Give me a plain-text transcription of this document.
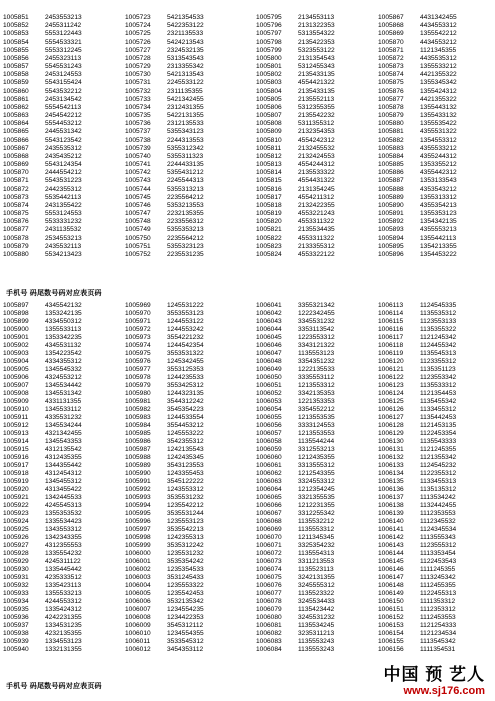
1005851 2453553213
1005852 2455311242
1005853 5553122443
1005854 5554533321
1005855 5553312245
1005856 2455323113
1005857 5545531243
1005858 2453124553
1005859 5543155424
1005860 5543532212
1005861 2453134542
1005862 5554542113
1005863 2454542212
1005864 5554453212
1005865 2445531342
1005866 5543123542
1005867 2435535312
1005868 2435435212
1005869 5543124354
1005870 2444554212
1005871 5543531223
1005872 2442355312
1005873 5535442113
1005874 2431355422
1005875 5553124553
1005876 5533331232
1005877 2431135532
1005878 2534553213
1005879 2435532113
1005880 5534213423
1005723 5421354533
1005724 5422353122
1005725 2321135533
1005726 5424213543
1005727 2324532135
1005728 5313543543
1005729 2313355342
1005730 5421313543
1005731 2245533122
1005732 2311135355
1005733 5421342455
1005734 2312431355
1005735 5422131355
1005736 2312135533
1005737 5355343123
1005738 2244313553
1005739 5355312342
1005740 5355311323
1005741 2244433135
1005742 5355431212
1005743 2245544313
1005744 5355313213
1005745 2235564212
1005746 5353213553
1005747 2232135355
1005748 2233556312
1005749 5355353213
1005750 2235564212
1005751 5355323123
1005752 2235531235
1005795 2134553113
1005796 2131322353
1005797 5313554322
1005798 2135422353
1005799 5323553122
1005800 2131354543
1005801 5312455343
1005802 2135433135
1005803 4554421322
1005804 2135433135
1005805 2135552113
1005806 5312355355
1005807 2135542232
1005808 5311355312
1005809 2132354353
1005810 4554242312
1005811	2132455532
1005812 2132424553
1005813 4554244312
1005814 2135533322
1005815 4554431322
1005816 2131354245
1005817 4554211312
1005818 2132422355
1005819 4553221243
1005820 4553311322
1005821 2135534435
1005822 4553311322
1005823 2133355312
1005824 4553322122
1005867 4431342455
1005868 4434553312
1005869 1355542212
1005870 4434553212
1005871 1121345355
1005872 4435535312
1005873 1355533212
1005874 4421355322
1005875 1355345342
1005876 1355424312
1005877 4421355322
1005878 1355443132
1005879 1355433132
1005880 1355535422
1005881 4355531322
1005882 1354553312
1005883 4355533212
1005884 4355244312
1005885 1353355212
1005886 4355442312
1005887 1353133543
1005888 4353543212
1005889 1355313312
1005890 4355354213
1005891 1355353123
1005892 1354342135
1005893 4355553213
1005894 1355442113
1005895 1354213355
1005896 1354453222
手机号 码尾数号码对应表页码
1005897 4345542132
1005898 1353242135
1005899 4334550312
1005900 1355533113
1005901 1353342235
1005902 4345531132
1005903 1354223542
1005904 4334355312
1005905 1345545332
1005906 4324553212
1005907 1345534442
1005908 1345531342
1005909 4331131355
1005910 1345533112
1005911	4335531232
1005912 1345534244
1005913 4321342455
1005914 1345543353
1005915 4312135542
1005916 4312435355
1005917 1344355442
1005918 4312454312
1005919 1345455312
1005920 4313455422
1005921 1342445533
1005922 4245545313
1005923 1355353532
1005924 1335534423
1005925 1343553312
1005926 1342343355
1005927 4312355553
1005928 1335554232
1005929 4245311122
1005930 1335445442
1005931 4235333512
1005932 1335423113
1005933 1355533213
1005934 4244553312
1005935 1335424312
1005936 4242231355
1005937 1334531235
1005938 4232135355
1005939 1334553123
1005940 1332131355
1005969 1245531222
1005970 3553553123
1005971 1244553122
1005972 1244553242
1005973 3554221232
1005974 1244542354
1005975 3553531322
1005976 1245342455
1005977 3553125353
1005978 1244235533
1005979 3553425312
1005980 1244323135
1005981 3544312242
1005982 3545354223
1005983 1244533554
1005984 3554453212
1005985 1245553222
1005986 3542355312
1005987 1242135543
1005988 1242435345
1005989 3543123553
1005990 1243355453
1005991 3545122222
1005992 1243553312
1005993 3535531232
1005994 1235542212
1005995 3535531244
1005996 1235553123
1005997 3535542213
1005998 1242355313
1005999 3535312242
1006000 1235531232
1006001 3535354242
1006002 1235354533
1006003 3531245433
1006004 1235553322
1006005 1235542453
1006006 3532135342
1006007 1234554235
1006008 1234422353
1006009 3545312112
1006010 1234554355
1006011	3533545312
1006012 3454353112
1006041 3355321342
1006042 1222342455
1006043 3345531232
1006044 3353113542
1006045 1223553312
1006046 3343121322
1006047 1135553123
1006048 3354351232
1006049 1222135533
1006050 3335553112
1006051 1213553312
1006052 3342135353
1006053 1221353353
1006054 3354552212
1006055 1213553535
1006056 3333124553
1006057 1213553553
1006058 1135544244
1006059 3312553213
1006060 1212435355
1006061 3313555312
1006062 1212543355
1006063 3324553312
1006064 1212354245
1006065 3321355535
1006066 1212231355
1006067 3312255342
1006068 1135532212
1006069 1135553312
1006070 1211345345
1006071 3325354232
1006072 1135554313
1006073 3311213553
1006074 1135523113
1006075 3242131355
1006076 3245555312
1006077 1135523322
1006078 3245534433
1006079 1135423442
1006080 3245531232
1006081 1135534245
1006082 3235311213
1006083 1135553243
1006084 1135553243
1006113	1124545335
1006114	1135535312
1006115	1123553133
1006116	1135355322
1006117	1121245342
1006118	1124455342
1006119	1135545313
1006120 1123355312
1006121 1135351123
1006122 1123553342
1006123 1135533312
1006124 1121354453
1006125 1135455342
1006126 1133455312
1006127 1135442453
1006128 1121453135
1006129 1122453354
1006130 1135543333
1006131 1121245355
1006132 1121355342
1006133 1124545232
1006134 1122355312
1006135 1133455313
1006136 1135135312
1006137 1113534242
1006138 1132442455
1006139 1112353553
1006140 1112345532
1006141 1124345534
1006142 1113555343
1006143 1123555312
1006144 1113353454
1006145 1122453543
1006146 1111245355
1006147 1113245342
1006148 1112455355
1006149 1122455313
1006150 1111353312
1006151 1112353312
1006152 1112453553
1006153 1121254333
1006154 1121234534
1006155 1113545342
1006156 1111354531
手机号 码尾数号码对应表页码
中国 预 艺人
www.sj176.com
